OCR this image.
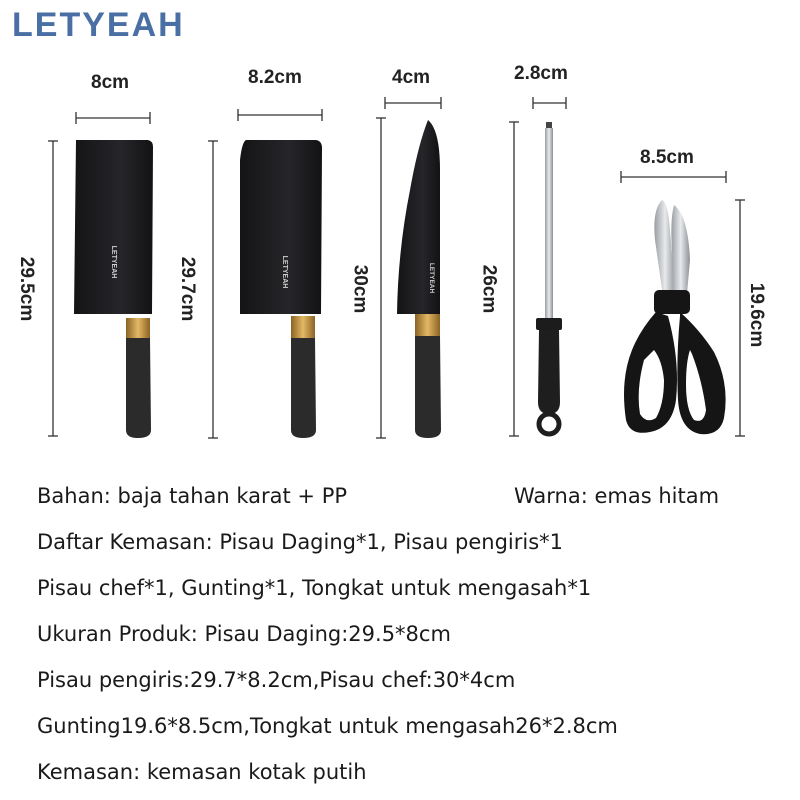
LETYEAH
LETYEAH	LETYEAH	LETYEAH
8cm
29.5cm
8.2cm
29.7cm
4cm
30cm
2.8cm
26cm
8.5cm
19.6cm
Bahan: baja tahan karat + PP	Warna: emas hitam
Daftar Kemasan: Pisau Daging*1, Pisau pengiris*1
Pisau chef*1, Gunting*1, Tongkat untuk mengasah*1
Ukuran Produk: Pisau Daging:29.5*8cm
Pisau pengiris:29.7*8.2cm,Pisau chef:30*4cm
Gunting19.6*8.5cm,Tongkat untuk mengasah26*2.8cm
Kemasan: kemasan kotak putih
